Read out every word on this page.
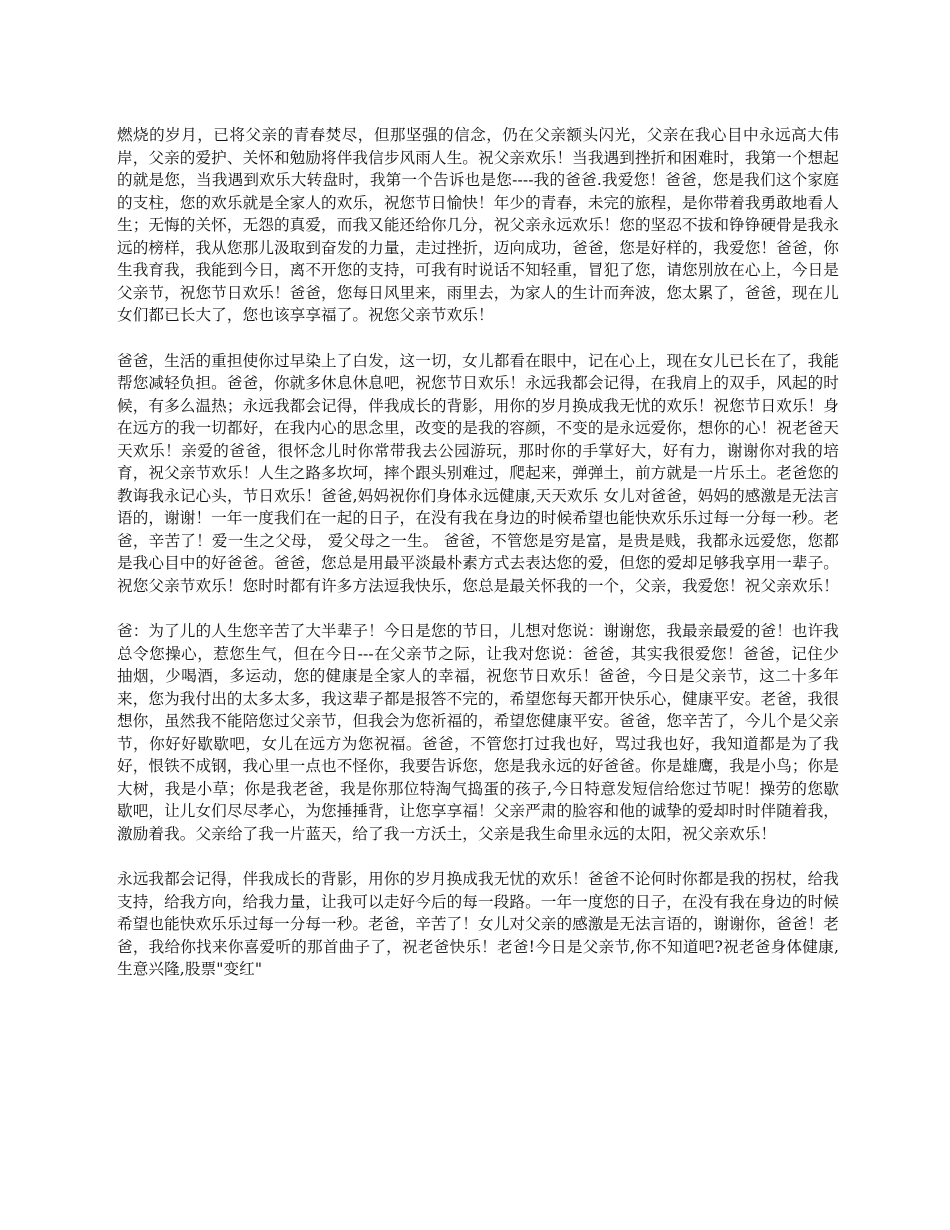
燃烧的岁月，已将父亲的青春焚尽，但那坚强的信念，仍在父亲额头闪光，父亲在我心目中永远高大伟岸，父亲的爱护、关怀和勉励将伴我信步风雨人生。祝父亲欢乐！当我遇到挫折和困难时，我第一个想起的就是您，当我遇到欢乐大转盘时，我第一个告诉也是您----我的爸爸.我爱您！爸爸，您是我们这个家庭的支柱，您的欢乐就是全家人的欢乐，祝您节日愉快！年少的青春，未完的旅程，是你带着我勇敢地看人生；无悔的关怀，无怨的真爱，而我又能还给你几分，祝父亲永远欢乐！您的坚忍不拔和铮铮硬骨是我永远的榜样，我从您那儿汲取到奋发的力量，走过挫折，迈向成功，爸爸，您是好样的，我爱您！爸爸，你生我育我，我能到今日，离不开您的支持，可我有时说话不知轻重，冒犯了您，请您別放在心上，今日是父亲节，祝您节日欢乐！爸爸，您每日风里来，雨里去，为家人的生计而奔波，您太累了，爸爸，现在儿女们都已长大了，您也该享享福了。祝您父亲节欢乐！

爸爸，生活的重担使你过早染上了白发，这一切，女儿都看在眼中，记在心上，现在女儿已长在了，我能帮您减轻负担。爸爸，你就多休息休息吧，祝您节日欢乐！永远我都会记得，在我肩上的双手，风起的时候，有多么温热；永远我都会记得，伴我成长的背影，用你的岁月换成我无忧的欢乐！祝您节日欢乐！身在远方的我一切都好，在我内心的思念里，改变的是我的容颜，不变的是永远爱你，想你的心！祝老爸天天欢乐！亲爱的爸爸，很怀念儿时你常带我去公园游玩，那时你的手掌好大，好有力，谢谢你对我的培育，祝父亲节欢乐！人生之路多坎坷，摔个跟头别难过，爬起来，弹弹土，前方就是一片乐土。老爸您的教诲我永记心头，节日欢乐！爸爸,妈妈祝你们身体永远健康,天天欢乐 女儿对爸爸，妈妈的感激是无法言语的，谢谢！一年一度我们在一起的日子，在没有我在身边的时候希望也能快欢乐乐过每一分每一秒。老爸，辛苦了！爱一生之父母， 爱父母之一生。 爸爸，不管您是穷是富，是贵是贱，我都永远爱您，您都是我心目中的好爸爸。爸爸，您总是用最平淡最朴素方式去表达您的爱，但您的爱却足够我享用一辈子。祝您父亲节欢乐！您时时都有许多方法逗我快乐，您总是最关怀我的一个，父亲，我爱您！祝父亲欢乐！

爸：为了儿的人生您辛苦了大半辈子！今日是您的节日，儿想对您说：谢谢您，我最亲最爱的爸！也许我总令您操心，惹您生气，但在今日---在父亲节之际，让我对您说：爸爸，其实我很爱您！爸爸，记住少抽烟，少喝酒，多运动，您的健康是全家人的幸福，祝您节日欢乐！爸爸，今日是父亲节，这二十多年来，您为我付出的太多太多，我这辈子都是报答不完的，希望您每天都开快乐心，健康平安。老爸，我很想你，虽然我不能陪您过父亲节，但我会为您祈福的，希望您健康平安。爸爸，您辛苦了，今儿个是父亲节，你好好歇歇吧，女儿在远方为您祝福。爸爸，不管您打过我也好，骂过我也好，我知道都是为了我好，恨铁不成钢，我心里一点也不怪你，我要告诉您，您是我永远的好爸爸。你是雄鹰，我是小鸟；你是大树，我是小草；你是我老爸，我是你那位特淘气捣蛋的孩子,今日特意发短信给您过节呢！操劳的您歇歇吧，让儿女们尽尽孝心，为您捶捶背，让您享享福！父亲严肃的脸容和他的诚挚的爱却时时伴随着我，激励着我。父亲给了我一片蓝天，给了我一方沃土，父亲是我生命里永远的太阳，祝父亲欢乐！

永远我都会记得，伴我成长的背影，用你的岁月换成我无忧的欢乐！爸爸不论何时你都是我的拐杖，给我支持，给我方向，给我力量，让我可以走好今后的每一段路。一年一度您的日子，在没有我在身边的时候希望也能快欢乐乐过每一分每一秒。老爸，辛苦了！女儿对父亲的感激是无法言语的，谢谢你，爸爸！老爸，我给你找来你喜爱听的那首曲子了，祝老爸快乐！老爸!今日是父亲节,你不知道吧?祝老爸身体健康,生意兴隆,股票"变红"
